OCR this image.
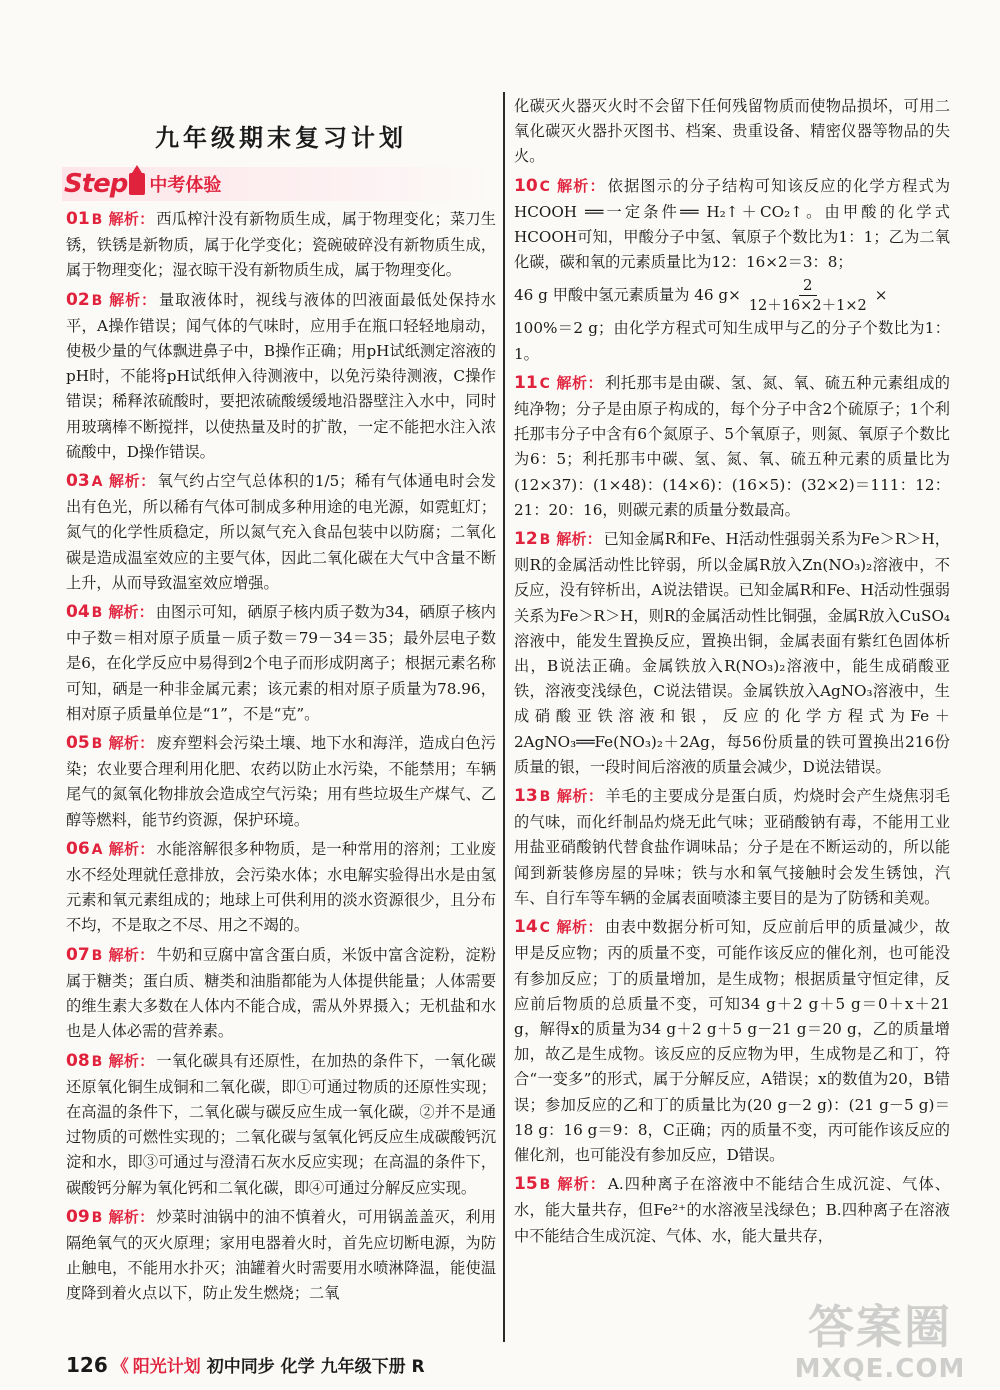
九年级期末复习计划
Step 中考体验
01 B 解析： 西瓜榨汁没有新物质生成，属于物理变化；菜刀生锈，铁锈是新物质，属于化学变化；瓷碗破碎没有新物质生成，属于物理变化；湿衣晾干没有新物质生成，属于物理变化。
02 B 解析： 量取液体时，视线与液体的凹液面最低处保持水平，A操作错误；闻气体的气味时，应用手在瓶口轻轻地扇动，使极少量的气体飘进鼻子中，B操作正确；用pH试纸测定溶液的pH时，不能将pH试纸伸入待测液中，以免污染待测液，C操作错误；稀释浓硫酸时，要把浓硫酸缓缓地沿器壁注入水中，同时用玻璃棒不断搅拌，以使热量及时的扩散，一定不能把水注入浓硫酸中，D操作错误。
03 A 解析： 氧气约占空气总体积的1/5；稀有气体通电时会发出有色光，所以稀有气体可制成多种用途的电光源，如霓虹灯；氮气的化学性质稳定，所以氮气充入食品包装中以防腐；二氧化碳是造成温室效应的主要气体，因此二氧化碳在大气中含量不断上升，从而导致温室效应增强。
04 B 解析： 由图示可知，硒原子核内质子数为34，硒原子核内中子数＝相对原子质量－质子数＝79－34＝35；最外层电子数是6，在化学反应中易得到2个电子而形成阴离子；根据元素名称可知，硒是一种非金属元素；该元素的相对原子质量为78.96，相对原子质量单位是“1”，不是“克”。
05 B 解析： 废弃塑料会污染土壤、地下水和海洋，造成白色污染；农业要合理利用化肥、农药以防止水污染，不能禁用；车辆尾气的氮氧化物排放会造成空气污染；用有些垃圾生产煤气、乙醇等燃料，能节约资源，保护环境。
06 A 解析： 水能溶解很多种物质，是一种常用的溶剂；工业废水不经处理就任意排放，会污染水体；水电解实验得出水是由氢元素和氧元素组成的；地球上可供利用的淡水资源很少，且分布不均，不是取之不尽、用之不竭的。
07 B 解析： 牛奶和豆腐中富含蛋白质，米饭中富含淀粉，淀粉属于糖类；蛋白质、糖类和油脂都能为人体提供能量；人体需要的维生素大多数在人体内不能合成，需从外界摄入；无机盐和水也是人体必需的营养素。
08 B 解析： 一氧化碳具有还原性，在加热的条件下，一氧化碳还原氧化铜生成铜和二氧化碳，即①可通过物质的还原性实现；在高温的条件下，二氧化碳与碳反应生成一氧化碳，②并不是通过物质的可燃性实现的；二氧化碳与氢氧化钙反应生成碳酸钙沉淀和水，即③可通过与澄清石灰水反应实现；在高温的条件下，碳酸钙分解为氧化钙和二氧化碳，即④可通过分解反应实现。
09 B 解析： 炒菜时油锅中的油不慎着火，可用锅盖盖灭，利用隔绝氧气的灭火原理；家用电器着火时，首先应切断电源，为防止触电，不能用水扑灭；油罐着火时需要用水喷淋降温，能使温度降到着火点以下，防止发生燃烧；二氧
化碳灭火器灭火时不会留下任何残留物质而使物品损坏，可用二氧化碳灭火器扑灭图书、档案、贵重设备、精密仪器等物品的失火。
10 C 解析： 依据图示的分子结构可知该反应的化学方程式为 HCOOH ══一定条件══ H₂↑＋CO₂↑。由甲酸的化学式HCOOH可知，甲酸分子中氢、氧原子个数比为1：1；乙为二氧化碳，碳和氧的元素质量比为12：16×2＝3：8；
46 g 甲酸中氢元素质量为 46 $g\times \frac{2}{12+16\times 2+1\times 2}$ ×
100%＝2 g；由化学方程式可知生成甲与乙的分子个数比为1：1。
11 C 解析： 利托那韦是由碳、氢、氮、氧、硫五种元素组成的纯净物；分子是由原子构成的，每个分子中含2个硫原子；1个利托那韦分子中含有6个氮原子、5个氧原子，则氮、氧原子个数比为6：5；利托那韦中碳、氢、氮、氧、硫五种元素的质量比为(12×37)：(1×48)：(14×6)：(16×5)：(32×2)＝111：12：21：20：16，则碳元素的质量分数最高。
12 B 解析： 已知金属R和Fe、H活动性强弱关系为Fe＞R＞H，则R的金属活动性比锌弱，所以金属R放入Zn(NO₃)₂溶液中，不反应，没有锌析出，A说法错误。已知金属R和Fe、H活动性强弱关系为Fe＞R＞H，则R的金属活动性比铜强，金属R放入CuSO₄溶液中，能发生置换反应，置换出铜，金属表面有紫红色固体析出，B说法正确。金属铁放入R(NO₃)₂溶液中，能生成硝酸亚铁，溶液变浅绿色，C说法错误。金属铁放入AgNO₃溶液中，生成硝酸亚铁溶液和银，反应的化学方程式为Fe＋2AgNO₃══Fe(NO₃)₂＋2Ag，每56份质量的铁可置换出216份质量的银，一段时间后溶液的质量会减少，D说法错误。
13 B 解析： 羊毛的主要成分是蛋白质，灼烧时会产生烧焦羽毛的气味，而化纤制品灼烧无此气味；亚硝酸钠有毒，不能用工业用盐亚硝酸钠代替食盐作调味品；分子是在不断运动的，所以能闻到新装修房屋的异味；铁与水和氧气接触时会发生锈蚀，汽车、自行车等车辆的金属表面喷漆主要目的是为了防锈和美观。
14 C 解析： 由表中数据分析可知，反应前后甲的质量减少，故甲是反应物；丙的质量不变，可能作该反应的催化剂，也可能没有参加反应；丁的质量增加，是生成物；根据质量守恒定律，反应前后物质的总质量不变，可知34 g＋2 g＋5 g＝0＋x＋21 g，解得x的质量为34 g＋2 g＋5 g－21 g＝20 g，乙的质量增加，故乙是生成物。该反应的反应物为甲，生成物是乙和丁，符合“一变多”的形式，属于分解反应，A错误；x的数值为20，B错误；参加反应的乙和丁的质量比为(20 g－2 g)：(21 g－5 g)＝18 g：16 g＝9：8，C正确；丙的质量不变，丙可能作该反应的催化剂，也可能没有参加反应，D错误。
15 B 解析： A.四种离子在溶液中不能结合生成沉淀、气体、水，能大量共存，但Fe²⁺的水溶液呈浅绿色；B.四种离子在溶液中不能结合生成沉淀、气体、水，能大量共存，
126 《 阳光计划 初中同步 化学 九年级下册 R
答案圈
MXQE.COM
